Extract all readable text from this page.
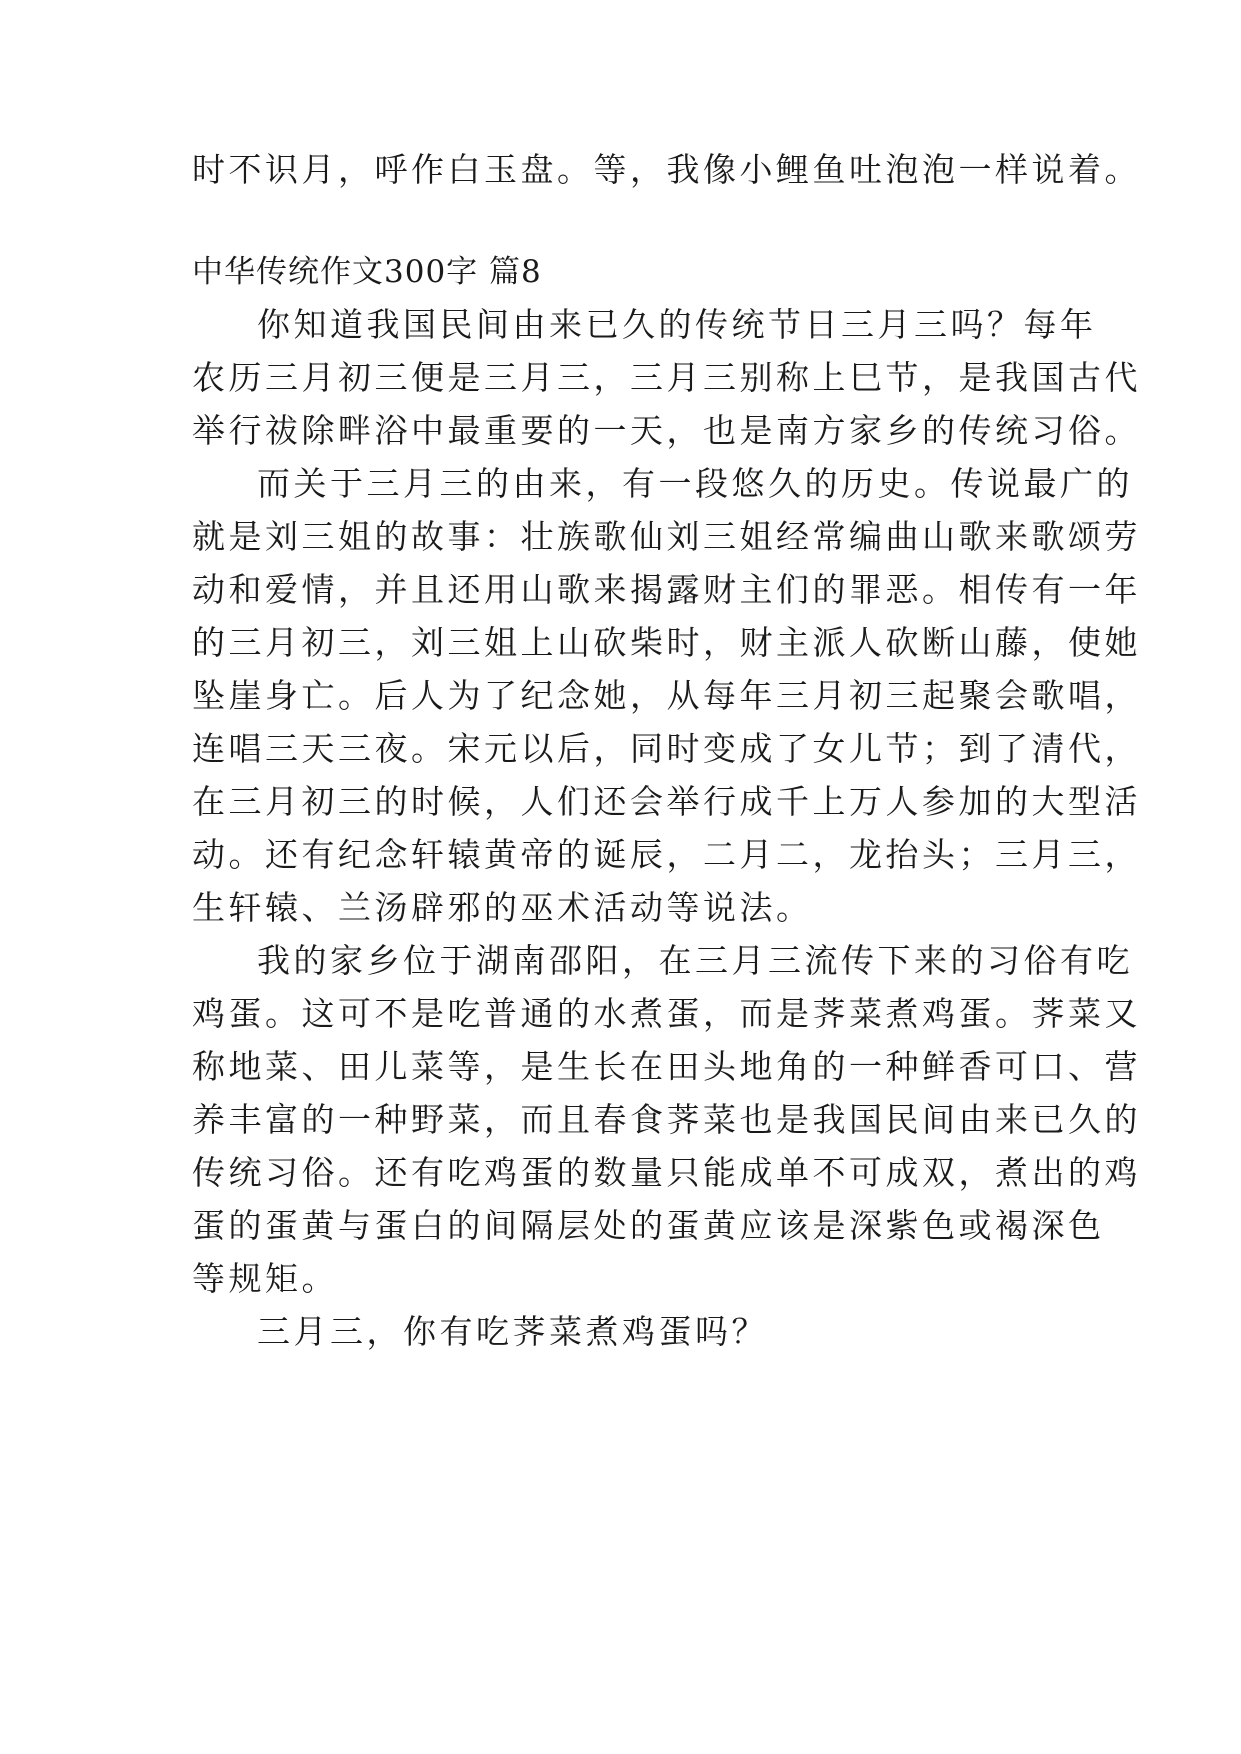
时不识月，呼作白玉盘。等，我像小鲤鱼吐泡泡一样说着。
中华传统作文300字 篇8
你知道我国民间由来已久的传统节日三月三吗？每年
农历三月初三便是三月三，三月三别称上巳节，是我国古代
举行祓除畔浴中最重要的一天，也是南方家乡的传统习俗。
而关于三月三的由来，有一段悠久的历史。传说最广的
就是刘三姐的故事：壮族歌仙刘三姐经常编曲山歌来歌颂劳
动和爱情，并且还用山歌来揭露财主们的罪恶。相传有一年
的三月初三，刘三姐上山砍柴时，财主派人砍断山藤，使她
坠崖身亡。后人为了纪念她，从每年三月初三起聚会歌唱，
连唱三天三夜。宋元以后，同时变成了女儿节；到了清代，
在三月初三的时候，人们还会举行成千上万人参加的大型活
动。还有纪念轩辕黄帝的诞辰，二月二，龙抬头；三月三，
生轩辕、兰汤辟邪的巫术活动等说法。
我的家乡位于湖南邵阳，在三月三流传下来的习俗有吃
鸡蛋。这可不是吃普通的水煮蛋，而是荠菜煮鸡蛋。荠菜又
称地菜、田儿菜等，是生长在田头地角的一种鲜香可口、营
养丰富的一种野菜，而且春食荠菜也是我国民间由来已久的
传统习俗。还有吃鸡蛋的数量只能成单不可成双，煮出的鸡
蛋的蛋黄与蛋白的间隔层处的蛋黄应该是深紫色或褐深色
等规矩。
三月三，你有吃荠菜煮鸡蛋吗？
